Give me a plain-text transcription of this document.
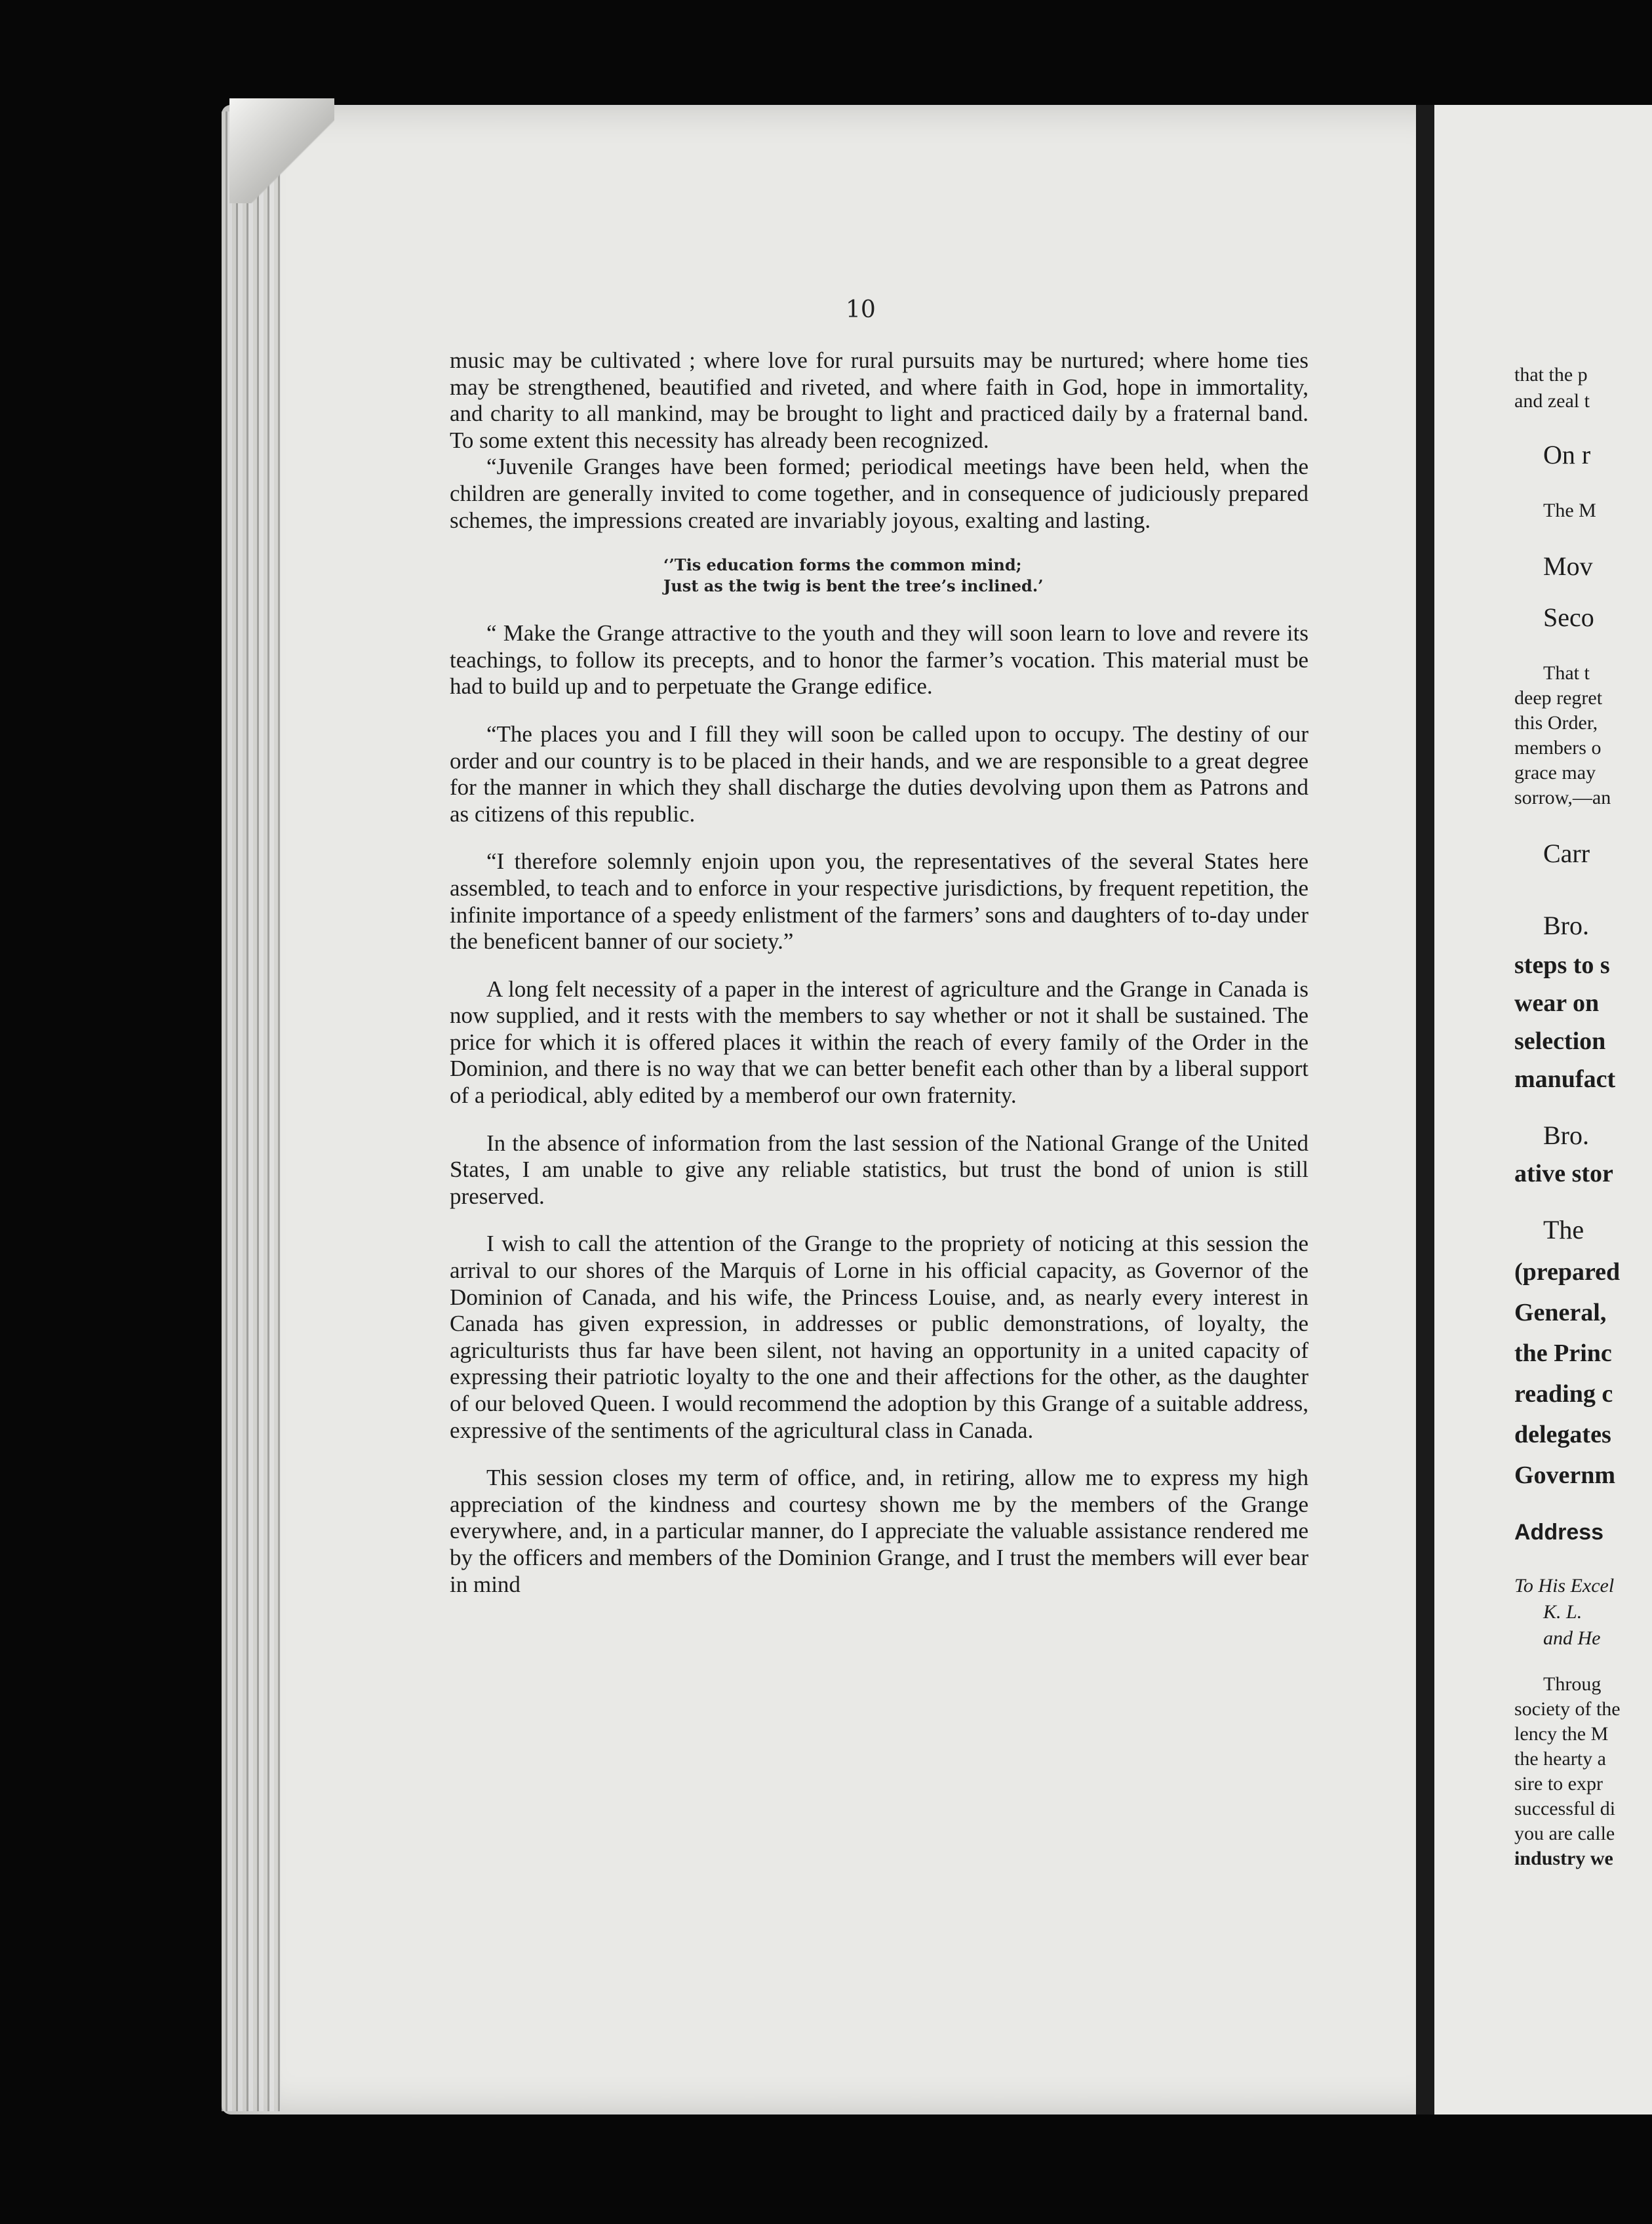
10

music may be cultivated ; where love for rural pursuits may be nurtured; where home ties may be strengthened, beautified and riveted, and where faith in God, hope in immortality, and charity to all mankind, may be brought to light and practiced daily by a fraternal band. To some extent this necessity has already been recognized.

“Juvenile Granges have been formed; periodical meetings have been held, when the children are generally invited to come together, and in consequence of judiciously prepared schemes, the impressions created are invariably joyous, exalting and lasting.

‘’Tis education forms the common mind;
Just as the twig is bent the tree’s inclined.’

“ Make the Grange attractive to the youth and they will soon learn to love and revere its teachings, to follow its precepts, and to honor the farmer’s vocation. This material must be had to build up and to perpetuate the Grange edifice.

“The places you and I fill they will soon be called upon to occupy. The destiny of our order and our country is to be placed in their hands, and we are responsible to a great degree for the manner in which they shall discharge the duties devolving upon them as Patrons and as citizens of this republic.

“I therefore solemnly enjoin upon you, the representatives of the several States here assembled, to teach and to enforce in your respective jurisdictions, by frequent repetition, the infinite importance of a speedy enlistment of the farmers’ sons and daughters of to-day under the beneficent banner of our society.”

A long felt necessity of a paper in the interest of agriculture and the Grange in Canada is now supplied, and it rests with the members to say whether or not it shall be sustained. The price for which it is offered places it within the reach of every family of the Order in the Dominion, and there is no way that we can better benefit each other than by a liberal support of a periodical, ably edited by a memberof our own fraternity.

In the absence of information from the last session of the National Grange of the United States, I am unable to give any reliable statistics, but trust the bond of union is still preserved.

I wish to call the attention of the Grange to the propriety of noticing at this session the arrival to our shores of the Marquis of Lorne in his official capacity, as Governor of the Dominion of Canada, and his wife, the Princess Louise, and, as nearly every interest in Canada has given expression, in addresses or public demonstrations, of loyalty, the agriculturists thus far have been silent, not having an opportunity in a united capacity of expressing their patriotic loyalty to the one and their affections for the other, as the daughter of our beloved Queen. I would recommend the adoption by this Grange of a suitable address, expressive of the sentiments of the agricultural class in Canada.

This session closes my term of office, and, in retiring, allow me to express my high appreciation of the kindness and courtesy shown me by the members of the Grange everywhere, and, in a particular manner, do I appreciate the valuable assistance rendered me by the officers and members of the Dominion Grange, and I trust the members will ever bear in mind

that the p
and zeal t
On r
The M
Mov
Seco
That t
deep regret
this Order,
members o
grace may
sorrow,—an
Carr
Bro.
steps to s
wear on
selection
manufact
Bro.
ative stor
The
(prepared
General,
the Princ
reading c
delegates
Governm
Address
To His Excel
K. L.
and He
Throug
society of the
lency the M
the hearty a
sire to expr
successful di
you are calle
industry we
